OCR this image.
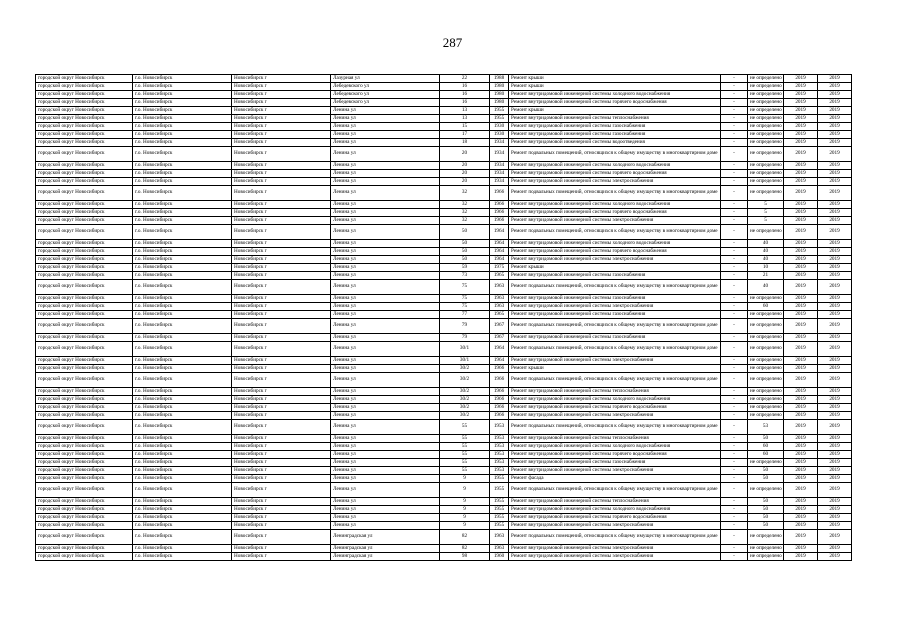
287
городской округ Новосибирск	г.о. Новосибирск	Новосибирск г	Лазурная ул	22	1988	Ремонт крыши	-	не определено	2019	2019
городской округ Новосибирск	г.о. Новосибирск	Новосибирск г	Лебедевского ул	16	1980	Ремонт крыши	-	не определено	2019	2019
городской округ Новосибирск	г.о. Новосибирск	Новосибирск г	Лебедевского ул	16	1980	Ремонт внутридомовой инженерной системы холодного водоснабжения	-	не определено	2019	2019
городской округ Новосибирск	г.о. Новосибирск	Новосибирск г	Лебедевского ул	16	1980	Ремонт внутридомовой инженерной системы горячего водоснабжения	-	не определено	2019	2019
городской округ Новосибирск	г.о. Новосибирск	Новосибирск г	Ленина ул	13	1955	Ремонт крыши	-	не определено	2019	2019
городской округ Новосибирск	г.о. Новосибирск	Новосибирск г	Ленина ул	13	1955	Ремонт внутридомовой инженерной системы теплоснабжения	-	не определено	2019	2019
городской округ Новосибирск	г.о. Новосибирск	Новосибирск г	Ленина ул	15	1930	Ремонт внутридомовой инженерной системы газоснабжения	-	не определено	2019	2019
городской округ Новосибирск	г.о. Новосибирск	Новосибирск г	Ленина ул	17	1930	Ремонт внутридомовой инженерной системы газоснабжения	-	не определено	2019	2019
городской округ Новосибирск	г.о. Новосибирск	Новосибирск г	Ленина ул	18	1934	Ремонт внутридомовой инженерной системы водоотведения	-	не определено	2019	2019
городской округ Новосибирск	г.о. Новосибирск	Новосибирск г	Ленина ул	20	1934	Ремонт подвальных помещений, относящихся к общему имуществу в многоквартирном доме	-	не определено	2019	2019
городской округ Новосибирск	г.о. Новосибирск	Новосибирск г	Ленина ул	20	1934	Ремонт внутридомовой инженерной системы холодного водоснабжения	-	не определено	2019	2019
городской округ Новосибирск	г.о. Новосибирск	Новосибирск г	Ленина ул	20	1934	Ремонт внутридомовой инженерной системы горячего водоснабжения	-	не определено	2019	2019
городской округ Новосибирск	г.о. Новосибирск	Новосибирск г	Ленина ул	20	1934	Ремонт внутридомовой инженерной системы электроснабжения	-	не определено	2019	2019
городской округ Новосибирск	г.о. Новосибирск	Новосибирск г	Ленина ул	32	1966	Ремонт подвальных помещений, относящихся к общему имуществу в многоквартирном доме	-	не определено	2019	2019
городской округ Новосибирск	г.о. Новосибирск	Новосибирск г	Ленина ул	32	1966	Ремонт внутридомовой инженерной системы холодного водоснабжения	-	5	2019	2019
городской округ Новосибирск	г.о. Новосибирск	Новосибирск г	Ленина ул	32	1966	Ремонт внутридомовой инженерной системы горячего водоснабжения	-	5	2019	2019
городской округ Новосибирск	г.о. Новосибирск	Новосибирск г	Ленина ул	32	1966	Ремонт внутридомовой инженерной системы электроснабжения	-	5	2019	2019
городской округ Новосибирск	г.о. Новосибирск	Новосибирск г	Ленина ул	50	1964	Ремонт подвальных помещений, относящихся к общему имуществу в многоквартирном доме	-	не определено	2019	2019
городской округ Новосибирск	г.о. Новосибирск	Новосибирск г	Ленина ул	50	1964	Ремонт внутридомовой инженерной системы холодного водоснабжения	-	40	2019	2019
городской округ Новосибирск	г.о. Новосибирск	Новосибирск г	Ленина ул	50	1964	Ремонт внутридомовой инженерной системы горячего водоснабжения	-	40	2019	2019
городской округ Новосибирск	г.о. Новосибирск	Новосибирск г	Ленина ул	50	1964	Ремонт внутридомовой инженерной системы электроснабжения	-	40	2019	2019
городской округ Новосибирск	г.о. Новосибирск	Новосибирск г	Ленина ул	59	1975	Ремонт крыши	-	10	2019	2019
городской округ Новосибирск	г.о. Новосибирск	Новосибирск г	Ленина ул	73	1965	Ремонт внутридомовой инженерной системы газоснабжения	-	21	2019	2019
городской округ Новосибирск	г.о. Новосибирск	Новосибирск г	Ленина ул	75	1963	Ремонт подвальных помещений, относящихся к общему имуществу в многоквартирном доме	-	40	2019	2019
городской округ Новосибирск	г.о. Новосибирск	Новосибирск г	Ленина ул	75	1963	Ремонт внутридомовой инженерной системы газоснабжения	-	не определено	2019	2019
городской округ Новосибирск	г.о. Новосибирск	Новосибирск г	Ленина ул	75	1963	Ремонт внутридомовой инженерной системы электроснабжения	-	60	2019	2019
городской округ Новосибирск	г.о. Новосибирск	Новосибирск г	Ленина ул	77	1965	Ремонт внутридомовой инженерной системы газоснабжения	-	не определено	2019	2019
городской округ Новосибирск	г.о. Новосибирск	Новосибирск г	Ленина ул	79	1967	Ремонт подвальных помещений, относящихся к общему имуществу в многоквартирном доме	-	не определено	2019	2019
городской округ Новосибирск	г.о. Новосибирск	Новосибирск г	Ленина ул	79	1967	Ремонт внутридомовой инженерной системы газоснабжения	-	не определено	2019	2019
городской округ Новосибирск	г.о. Новосибирск	Новосибирск г	Ленина ул	30/1	1964	Ремонт подвальных помещений, относящихся к общему имуществу в многоквартирном доме	-	не определено	2019	2019
городской округ Новосибирск	г.о. Новосибирск	Новосибирск г	Ленина ул	30/1	1964	Ремонт внутридомовой инженерной системы электроснабжения	-	не определено	2019	2019
городской округ Новосибирск	г.о. Новосибирск	Новосибирск г	Ленина ул	30/2	1966	Ремонт крыши	-	не определено	2019	2019
городской округ Новосибирск	г.о. Новосибирск	Новосибирск г	Ленина ул	30/2	1966	Ремонт подвальных помещений, относящихся к общему имуществу в многоквартирном доме	-	не определено	2019	2019
городской округ Новосибирск	г.о. Новосибирск	Новосибирск г	Ленина ул	30/2	1966	Ремонт внутридомовой инженерной системы теплоснабжения	-	не определено	2019	2019
городской округ Новосибирск	г.о. Новосибирск	Новосибирск г	Ленина ул	30/2	1966	Ремонт внутридомовой инженерной системы холодного водоснабжения	-	не определено	2019	2019
городской округ Новосибирск	г.о. Новосибирск	Новосибирск г	Ленина ул	30/2	1966	Ремонт внутридомовой инженерной системы горячего водоснабжения	-	не определено	2019	2019
городской округ Новосибирск	г.о. Новосибирск	Новосибирск г	Ленина ул	30/2	1966	Ремонт внутридомовой инженерной системы электроснабжения	-	не определено	2019	2019
городской округ Новосибирск	г.о. Новосибирск	Новосибирск г	Ленина ул	55	1953	Ремонт подвальных помещений, относящихся к общему имуществу в многоквартирном доме	-	53	2019	2019
городской округ Новосибирск	г.о. Новосибирск	Новосибирск г	Ленина ул	55	1953	Ремонт внутридомовой инженерной системы теплоснабжения	-	50	2019	2019
городской округ Новосибирск	г.о. Новосибирск	Новосибирск г	Ленина ул	55	1953	Ремонт внутридомовой инженерной системы холодного водоснабжения	-	60	2019	2019
городской округ Новосибирск	г.о. Новосибирск	Новосибирск г	Ленина ул	55	1953	Ремонт внутридомовой инженерной системы горячего водоснабжения	-	60	2019	2019
городской округ Новосибирск	г.о. Новосибирск	Новосибирск г	Ленина ул	55	1953	Ремонт внутридомовой инженерной системы газоснабжения	-	не определено	2019	2019
городской округ Новосибирск	г.о. Новосибирск	Новосибирск г	Ленина ул	55	1953	Ремонт внутридомовой инженерной системы электроснабжения	-	50	2019	2019
городской округ Новосибирск	г.о. Новосибирск	Новосибирск г	Ленина ул	9	1955	Ремонт фасада	-	50	2019	2019
городской округ Новосибирск	г.о. Новосибирск	Новосибирск г	Ленина ул	9	1955	Ремонт подвальных помещений, относящихся к общему имуществу в многоквартирном доме	-	не определено	2019	2019
городской округ Новосибирск	г.о. Новосибирск	Новосибирск г	Ленина ул	9	1955	Ремонт внутридомовой инженерной системы теплоснабжения	-	50	2019	2019
городской округ Новосибирск	г.о. Новосибирск	Новосибирск г	Ленина ул	9	1955	Ремонт внутридомовой инженерной системы холодного водоснабжения	-	50	2019	2019
городской округ Новосибирск	г.о. Новосибирск	Новосибирск г	Ленина ул	9	1955	Ремонт внутридомовой инженерной системы горячего водоснабжения	-	50	2019	2019
городской округ Новосибирск	г.о. Новосибирск	Новосибирск г	Ленина ул	9	1955	Ремонт внутридомовой инженерной системы электроснабжения	-	50	2019	2019
городской округ Новосибирск	г.о. Новосибирск	Новосибирск г	Ленинградская ул	82	1963	Ремонт подвальных помещений, относящихся к общему имуществу в многоквартирном доме	-	не определено	2019	2019
городской округ Новосибирск	г.о. Новосибирск	Новосибирск г	Ленинградская ул	82	1963	Ремонт внутридомовой инженерной системы электроснабжения	-	не определено	2019	2019
городской округ Новосибирск	г.о. Новосибирск	Новосибирск г	Ленинградская ул	98	1960	Ремонт внутридомовой инженерной системы электроснабжения	-	не определено	2019	2019
